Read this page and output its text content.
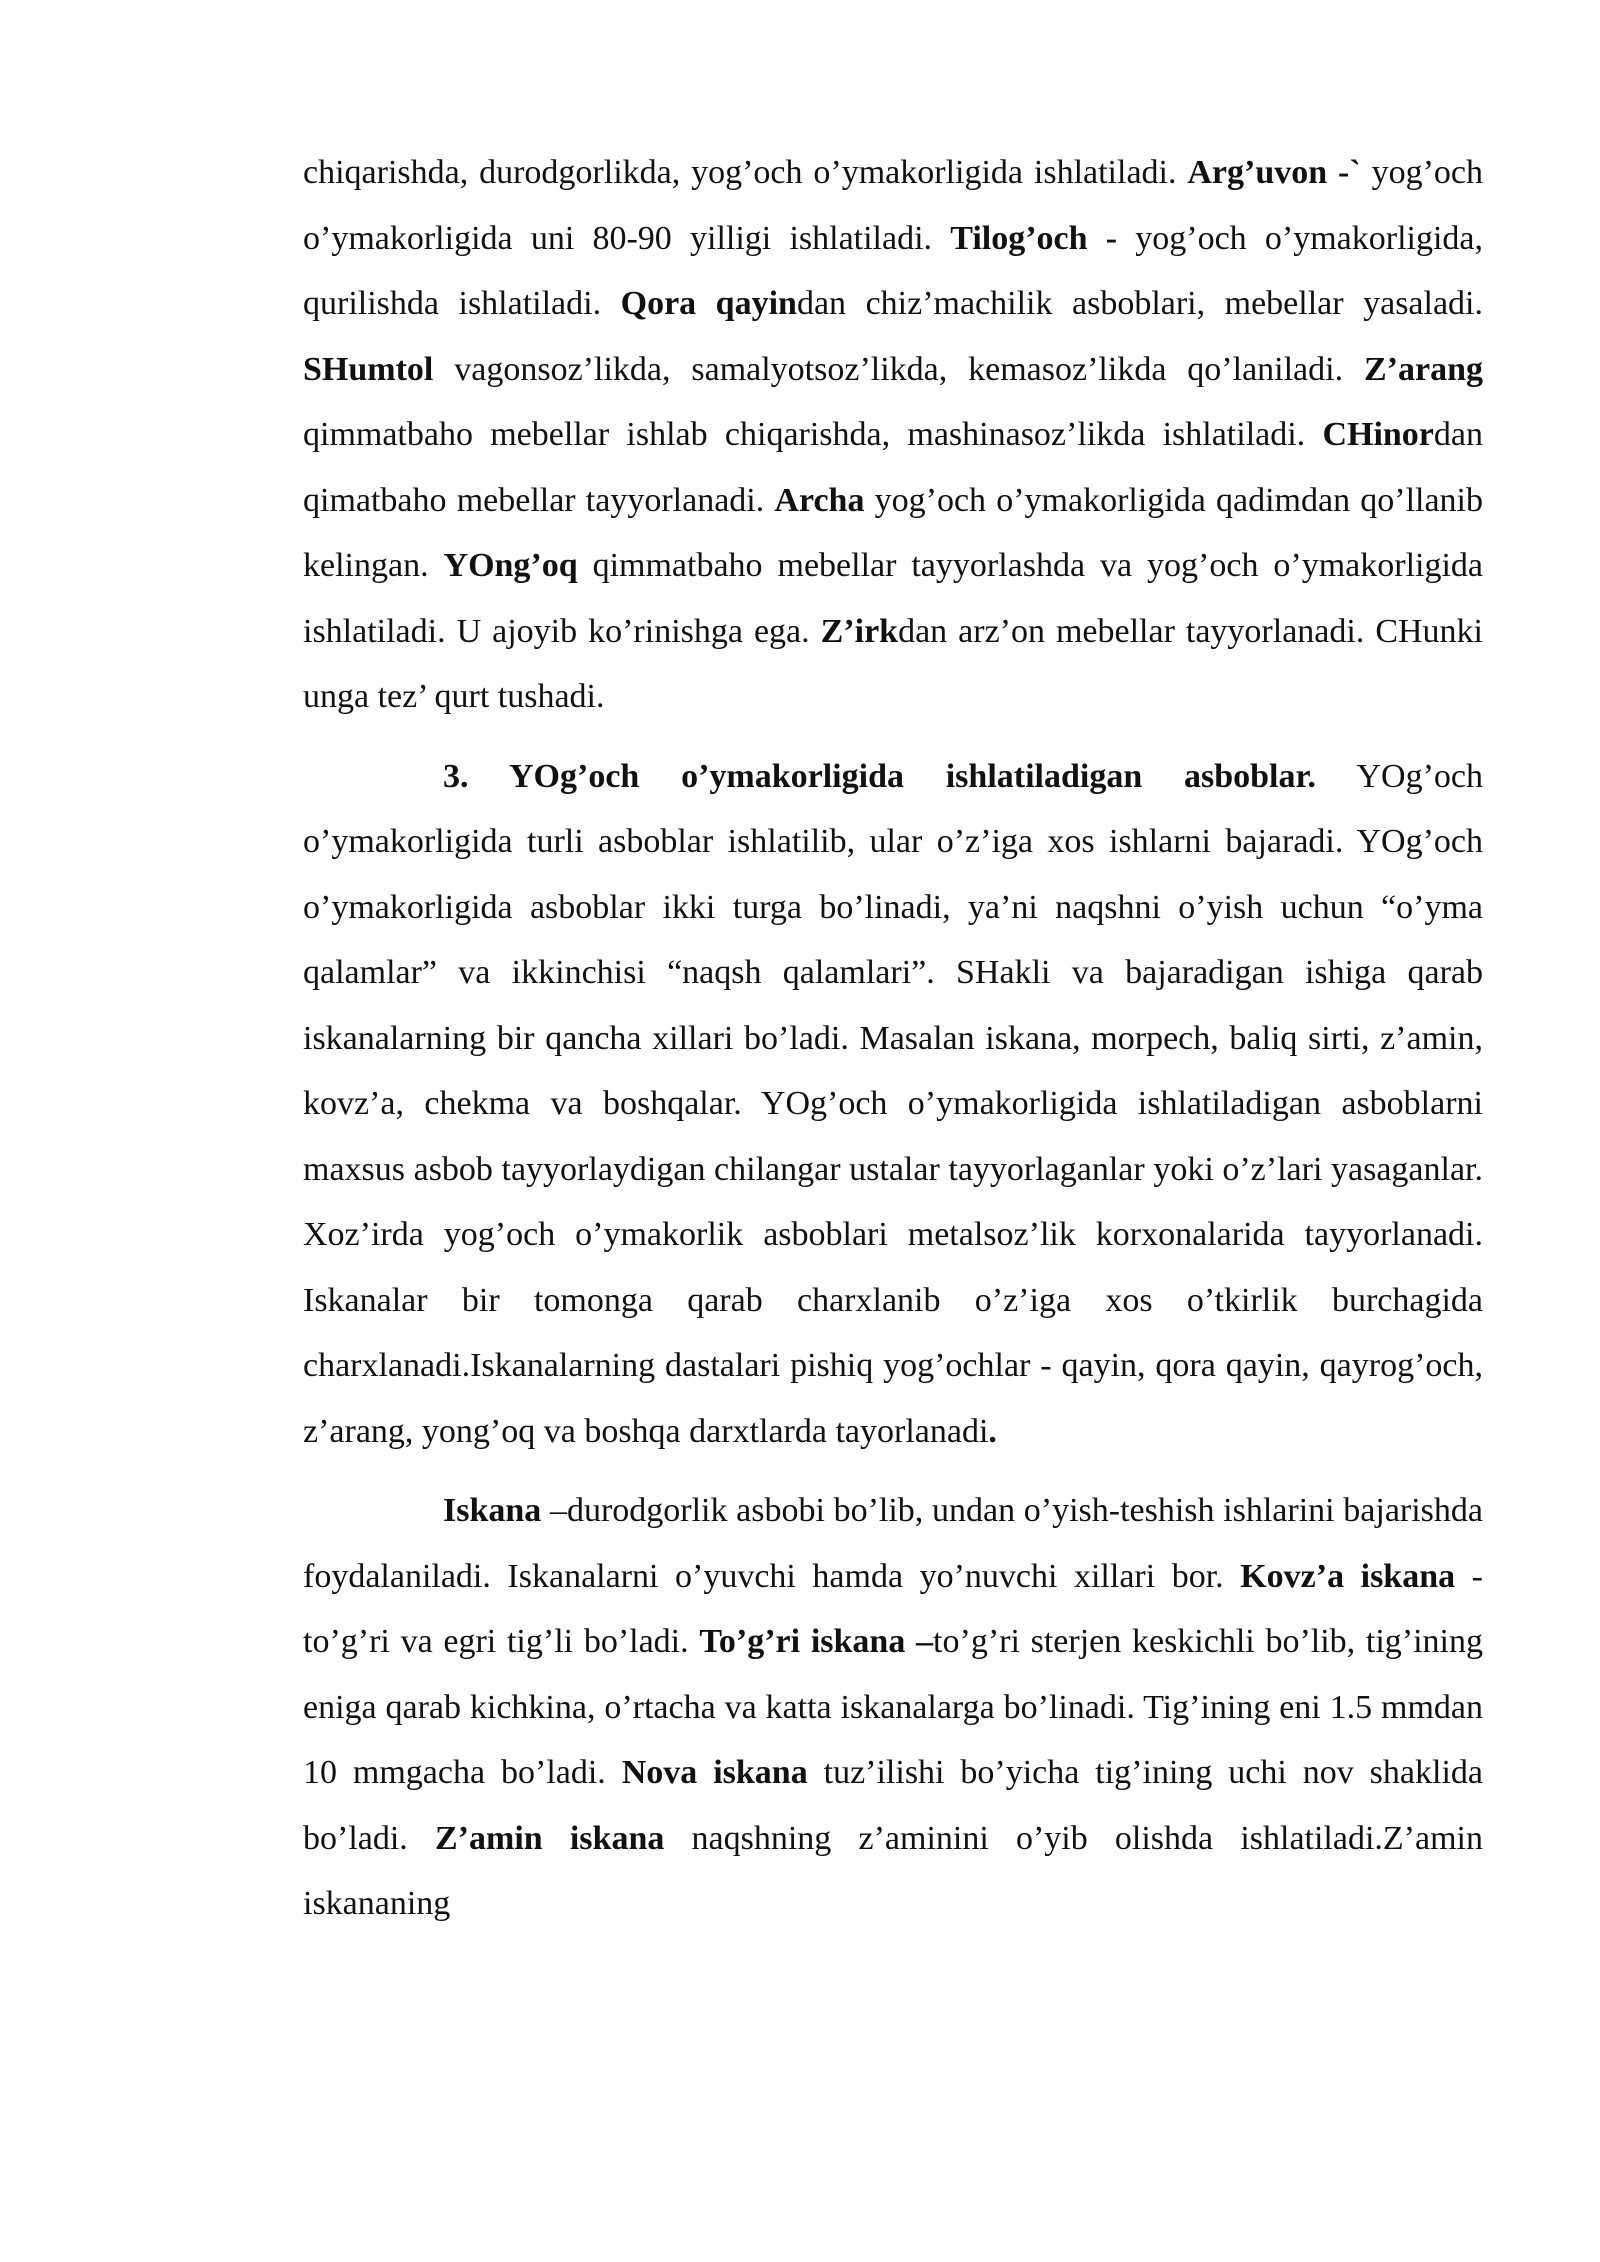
chiqarishda, durodgorlikda, yog’och o’ymakorligida ishlatiladi. Arg’uvon -` yog’och o’ymakorligida uni 80-90 yilligi ishlatiladi. Tilog’och - yog’och o’ymakorligida, qurilishda ishlatiladi. Qora qayindan chiz’machilik asboblari, mebellar yasaladi. SHumtol vagonsoz’likda, samalyotsoz’likda, kemasoz’likda qo’laniladi. Z’arang qimmatbaho mebellar ishlab chiqarishda, mashinasoz’likda ishlatiladi. CHinordan qimatbaho mebellar tayyorlanadi. Archa yog’och o’ymakorligida qadimdan qo’llanib kelingan. YOng’oq qimmatbaho mebellar tayyorlashda va yog’och o’ymakorligida ishlatiladi. U ajoyib ko’rinishga ega. Z’irkdan arz’on mebellar tayyorlanadi. CHunki unga tez’ qurt tushadi.

3. YOg’och o’ymakorligida ishlatiladigan asboblar. YOg’och o’ymakorligida turli asboblar ishlatilib, ular o’z’iga xos ishlarni bajaradi. YOg’och o’ymakorligida asboblar ikki turga bo’linadi, ya’ni naqshni o’yish uchun “o’yma qalamlar” va ikkinchisi “naqsh qalamlari”. SHakli va bajaradigan ishiga qarab iskanalarning bir qancha xillari bo’ladi. Masalan iskana, morpech, baliq sirti, z’amin, kovz’a, chekma va boshqalar. YOg’och o’ymakorligida ishlatiladigan asboblarni maxsus asbob tayyorlaydigan chilangar ustalar tayyorlaganlar yoki o’z’lari yasaganlar. Xoz’irda yog’och o’ymakorlik asboblari metalsoz’lik korxonalarida tayyorlanadi. Iskanalar bir tomonga qarab charxlanib o’z’iga xos o’tkirlik burchagida charxlanadi.Iskanalarning dastalari pishiq yog’ochlar - qayin, qora qayin, qayrog’och, z’arang, yong’oq va boshqa darxtlarda tayorlanadi.

Iskana –durodgorlik asbobi bo’lib, undan o’yish-teshish ishlarini bajarishda foydalaniladi. Iskanalarni o’yuvchi hamda yo’nuvchi xillari bor. Kovz’a iskana -to’g’ri va egri tig’li bo’ladi. To’g’ri iskana –to’g’ri sterjen keskichli bo’lib, tig’ining eniga qarab kichkina, o’rtacha va katta iskanalarga bo’linadi. Tig’ining eni 1.5 mmdan 10 mmgacha bo’ladi. Nova iskana tuz’ilishi bo’yicha tig’ining uchi nov shaklida bo’ladi. Z’amin iskana naqshning z’aminini o’yib olishda ishlatiladi.Z’amin iskananing
